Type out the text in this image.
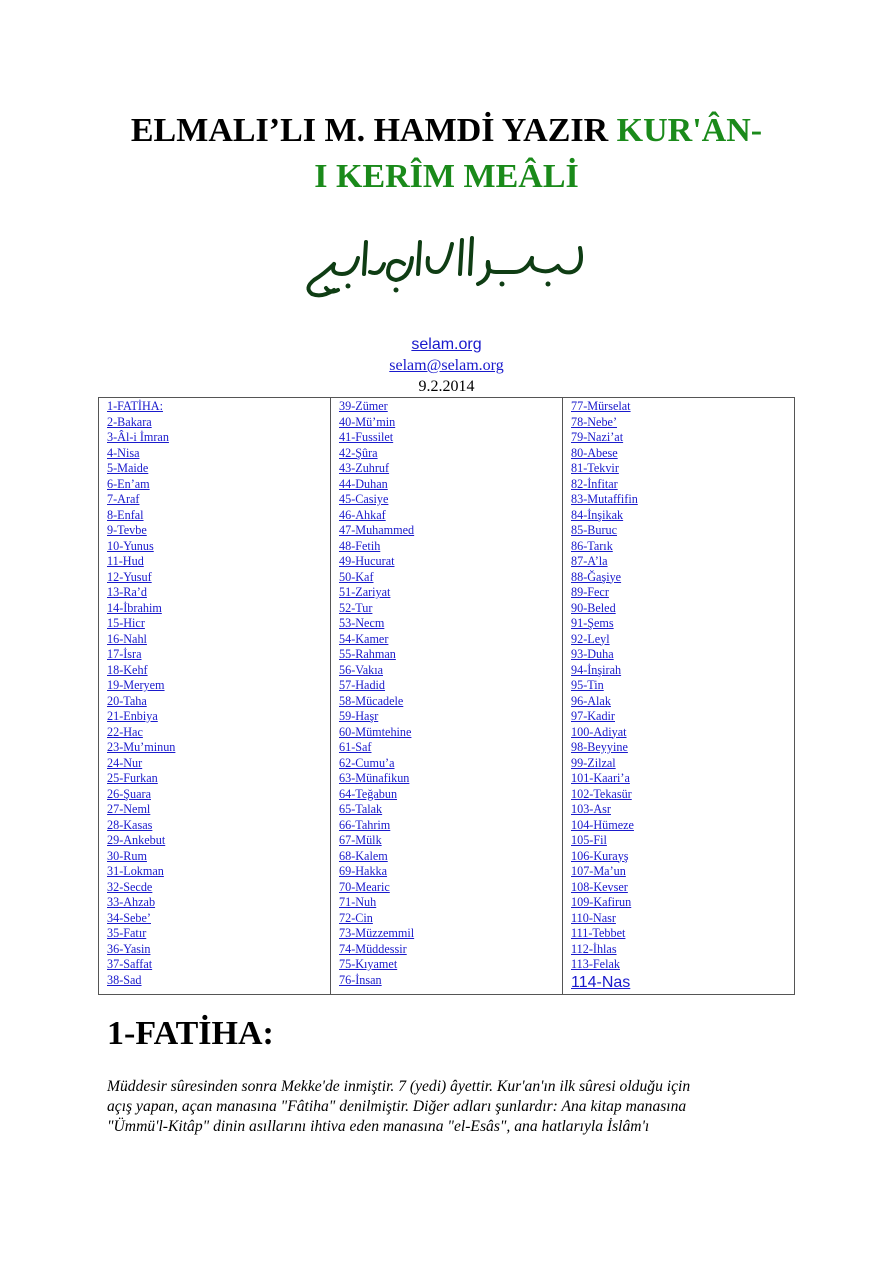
ELMALI’LI M. HAMDİ YAZIR KUR'ÂN-
I KERÎM MEÂLİ
selam.org
selam@selam.org
9.2.2014
1-FATİHA:
2-Bakara
3-Âl-i İmran
4-Nisa
5-Maide
6-En’am
7-Araf
8-Enfal
9-Tevbe
10-Yunus
11-Hud
12-Yusuf
13-Ra’d
14-İbrahim
15-Hicr
16-Nahl
17-İsra
18-Kehf
19-Meryem
20-Taha
21-Enbiya
22-Hac
23-Mu’minun
24-Nur
25-Furkan
26-Şuara
27-Neml
28-Kasas
29-Ankebut
30-Rum
31-Lokman
32-Secde
33-Ahzab
34-Sebe’
35-Fatır
36-Yasin
37-Saffat
38-Sad

39-Zümer
40-Mü’min
41-Fussilet
42-Şûra
43-Zuhruf
44-Duhan
45-Casiye
46-Ahkaf
47-Muhammed
48-Fetih
49-Hucurat
50-Kaf
51-Zariyat
52-Tur
53-Necm
54-Kamer
55-Rahman
56-Vakıa
57-Hadid
58-Mücadele
59-Haşr
60-Mümtehine
61-Saf
62-Cumu’a
63-Münafikun
64-Teğabun
65-Talak
66-Tahrim
67-Mülk
68-Kalem
69-Hakka
70-Mearic
71-Nuh
72-Cin
73-Müzzemmil
74-Müddessir
75-Kıyamet
76-İnsan

77-Mürselat
78-Nebe’
79-Nazi’at
80-Abese
81-Tekvir
82-İnfitar
83-Mutaffifin
84-İnşikak
85-Buruc
86-Tarık
87-A’la
88-Ğaşiye
89-Fecr
90-Beled
91-Şems
92-Leyl
93-Duha
94-İnşirah
95-Tin
96-Alak
97-Kadir
100-Adiyat
98-Beyyine
99-Zilzal
101-Kaari’a
102-Tekasür
103-Asr
104-Hümeze
105-Fil
106-Kurayş
107-Ma’un
108-Kevser
109-Kafirun
110-Nasr
111-Tebbet
112-İhlas
113-Felak
114-Nas
1-FATİHA:

Müddesir sûresinden sonra Mekke'de inmiştir. 7 (yedi) âyettir. Kur'an'ın ilk sûresi olduğu için
açış yapan, açan manasına "Fâtiha" denilmiştir. Diğer adları şunlardır: Ana kitap manasına
"Ümmü'l-Kitâp" dinin asıllarını ihtiva eden manasına "el-Esâs", ana hatlarıyla İslâm'ı
